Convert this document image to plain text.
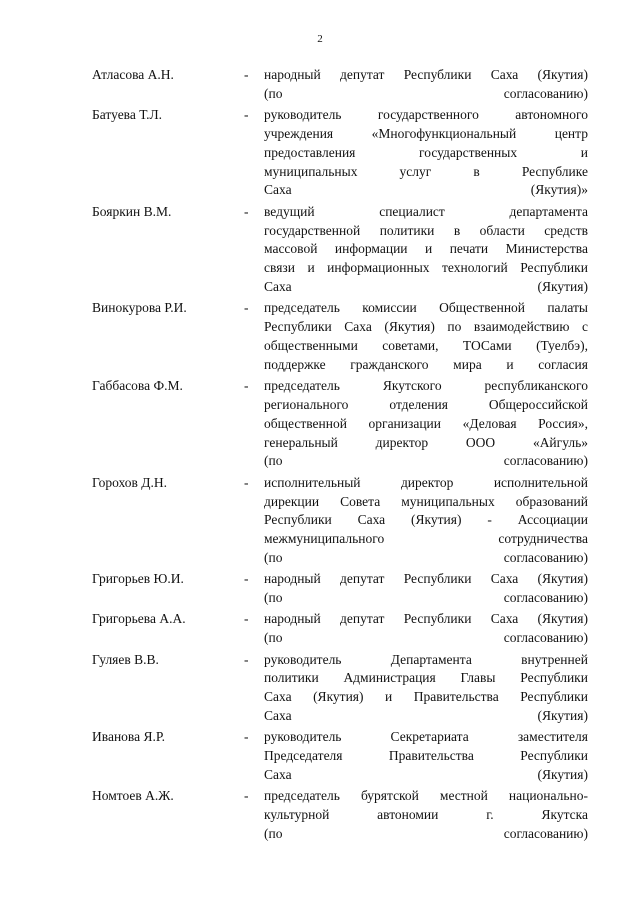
2
Атласова А.Н.	- народный депутат Республики Саха (Якутия)
(по согласованию)
Батуева Т.Л.	- руководитель	государственного	автономного
учреждения	«Многофункциональный	центр
предоставления	государственных	и
муниципальных	услуг	в	Республике
Саха (Якутия)»
Бояркин В.М.	- ведущий	специалист	департамента
государственной политики в области средств
массовой информации и печати Министерства
связи и информационных технологий Республики
Саха (Якутия)
Винокурова Р.И.	- председатель комиссии Общественной палаты
Республики Саха (Якутия) по взаимодействию с
общественными советами, ТОСами (Туелбэ),
поддержке гражданского мира и согласия
Габбасова Ф.М.	- председатель	Якутского	республиканского
регионального	отделения	Общероссийской
общественной организации «Деловая Россия»,
генеральный	директор	ООО	«Айгуль»
(по согласованию)
Горохов Д.Н.	- исполнительный	директор	исполнительной
дирекции Совета муниципальных образований
Республики Саха (Якутия) - Ассоциации
межмуниципального	сотрудничества
(по согласованию)
Григорьев Ю.И.	- народный депутат Республики Саха (Якутия)
(по согласованию)
Григорьева А.А.	- народный депутат Республики Саха (Якутия)
(по согласованию)
Гуляев В.В.	- руководитель	Департамента	внутренней
политики Администрация Главы Республики
Саха (Якутия) и Правительства Республики
Саха (Якутия)
Иванова Я.Р.	- руководитель	Секретариата	заместителя
Председателя	Правительства	Республики
Саха (Якутия)
Номтоев А.Ж.	- председатель бурятской местной национально-
культурной	автономии	г.	Якутска
(по согласованию)
